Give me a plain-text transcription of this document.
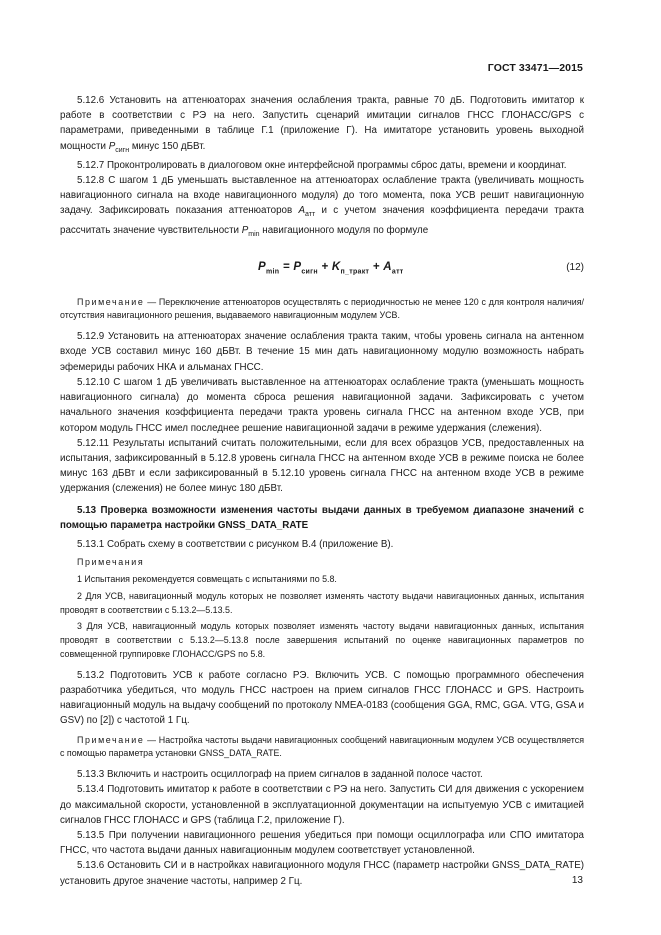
ГОСТ 33471—2015

5.12.6 Установить на аттенюаторах значения ослабления тракта, равные 70 дБ. Подготовить имитатор к работе в соответствии с РЭ на него. Запустить сценарий имитации сигналов ГНСС ГЛОНАСС/GPS с параметрами, приведенными в таблице Г.1 (приложение Г). На имитаторе установить уровень выходной мощности $P_{сигн}$ минус 150 дБВт.

5.12.7 Проконтролировать в диалоговом окне интерфейсной программы сброс даты, времени и координат.

5.12.8 С шагом 1 дБ уменьшать выставленное на аттенюаторах ослабление тракта (увеличивать мощность навигационного сигнала на входе навигационного модуля) до того момента, пока УСВ решит навигационную задачу. Зафиксировать показания аттенюаторов $A_{атт}$ и с учетом значения коэффициента передачи тракта рассчитать значение чувствительности $P_{min}$ навигационного модуля по формуле

$P_{min} = P_{сигн} + K_{п\_тракт} + A_{атт}$	(12)

Примечание — Переключение аттенюаторов осуществлять с периодичностью не менее 120 с для контроля наличия/отсутствия навигационного решения, выдаваемого навигационным модулем УСВ.

5.12.9 Установить на аттенюаторах значение ослабления тракта таким, чтобы уровень сигнала на антенном входе УСВ составил минус 160 дБВт. В течение 15 мин дать навигационному модулю возможность набрать эфемериды рабочих НКА и альманах ГНСС.

5.12.10 С шагом 1 дБ увеличивать выставленное на аттенюаторах ослабление тракта (уменьшать мощность навигационного сигнала) до момента сброса решения навигационной задачи. Зафиксировать с учетом начального значения коэффициента передачи тракта уровень сигнала ГНСС на антенном входе УСВ, при котором модуль ГНСС имел последнее решение навигационной задачи в режиме удержания (слежения).

5.12.11 Результаты испытаний считать положительными, если для всех образцов УСВ, предоставленных на испытания, зафиксированный в 5.12.8 уровень сигнала ГНСС на антенном входе УСВ в режиме поиска не более минус 163 дБВт и если зафиксированный в 5.12.10 уровень сигнала ГНСС на антенном входе УСВ в режиме удержания (слежения) не более минус 180 дБВт.

5.13 Проверка возможности изменения частоты выдачи данных в требуемом диапазоне значений с помощью параметра настройки GNSS_DATA_RATE

5.13.1 Собрать схему в соответствии с рисунком В.4 (приложение В).

Примечания

1 Испытания рекомендуется совмещать с испытаниями по 5.8.

2 Для УСВ, навигационный модуль которых не позволяет изменять частоту выдачи навигационных данных, испытания проводят в соответствии с 5.13.2—5.13.5.

3 Для УСВ, навигационный модуль которых позволяет изменять частоту выдачи навигационных данных, испытания проводят в соответствии с 5.13.2—5.13.8 после завершения испытаний по оценке навигационных параметров по совмещенной группировке ГЛОНАСС/GPS по 5.8.

5.13.2 Подготовить УСВ к работе согласно РЭ. Включить УСВ. С помощью программного обеспечения разработчика убедиться, что модуль ГНСС настроен на прием сигналов ГНСС ГЛОНАСС и GPS. Настроить навигационный модуль на выдачу сообщений по протоколу NMEA-0183 (сообщения GGA, RMC, GGA. VTG, GSA и GSV) по [2]) с частотой 1 Гц.

Примечание — Настройка частоты выдачи навигационных сообщений навигационным модулем УСВ осуществляется с помощью параметра установки GNSS_DATA_RATE.

5.13.3 Включить и настроить осциллограф на прием сигналов в заданной полосе частот.

5.13.4 Подготовить имитатор к работе в соответствии с РЭ на него. Запустить СИ для движения с ускорением до максимальной скорости, установленной в эксплуатационной документации на испытуемую УСВ с имитацией сигналов ГНСС ГЛОНАСС и GPS (таблица Г.2, приложение Г).

5.13.5 При получении навигационного решения убедиться при помощи осциллографа или СПО имитатора ГНСС, что частота выдачи данных навигационным модулем соответствует установленной.

5.13.6 Остановить СИ и в настройках навигационного модуля ГНСС (параметр настройки GNSS_DATA_RATE) установить другое значение частоты, например 2 Гц.	13
